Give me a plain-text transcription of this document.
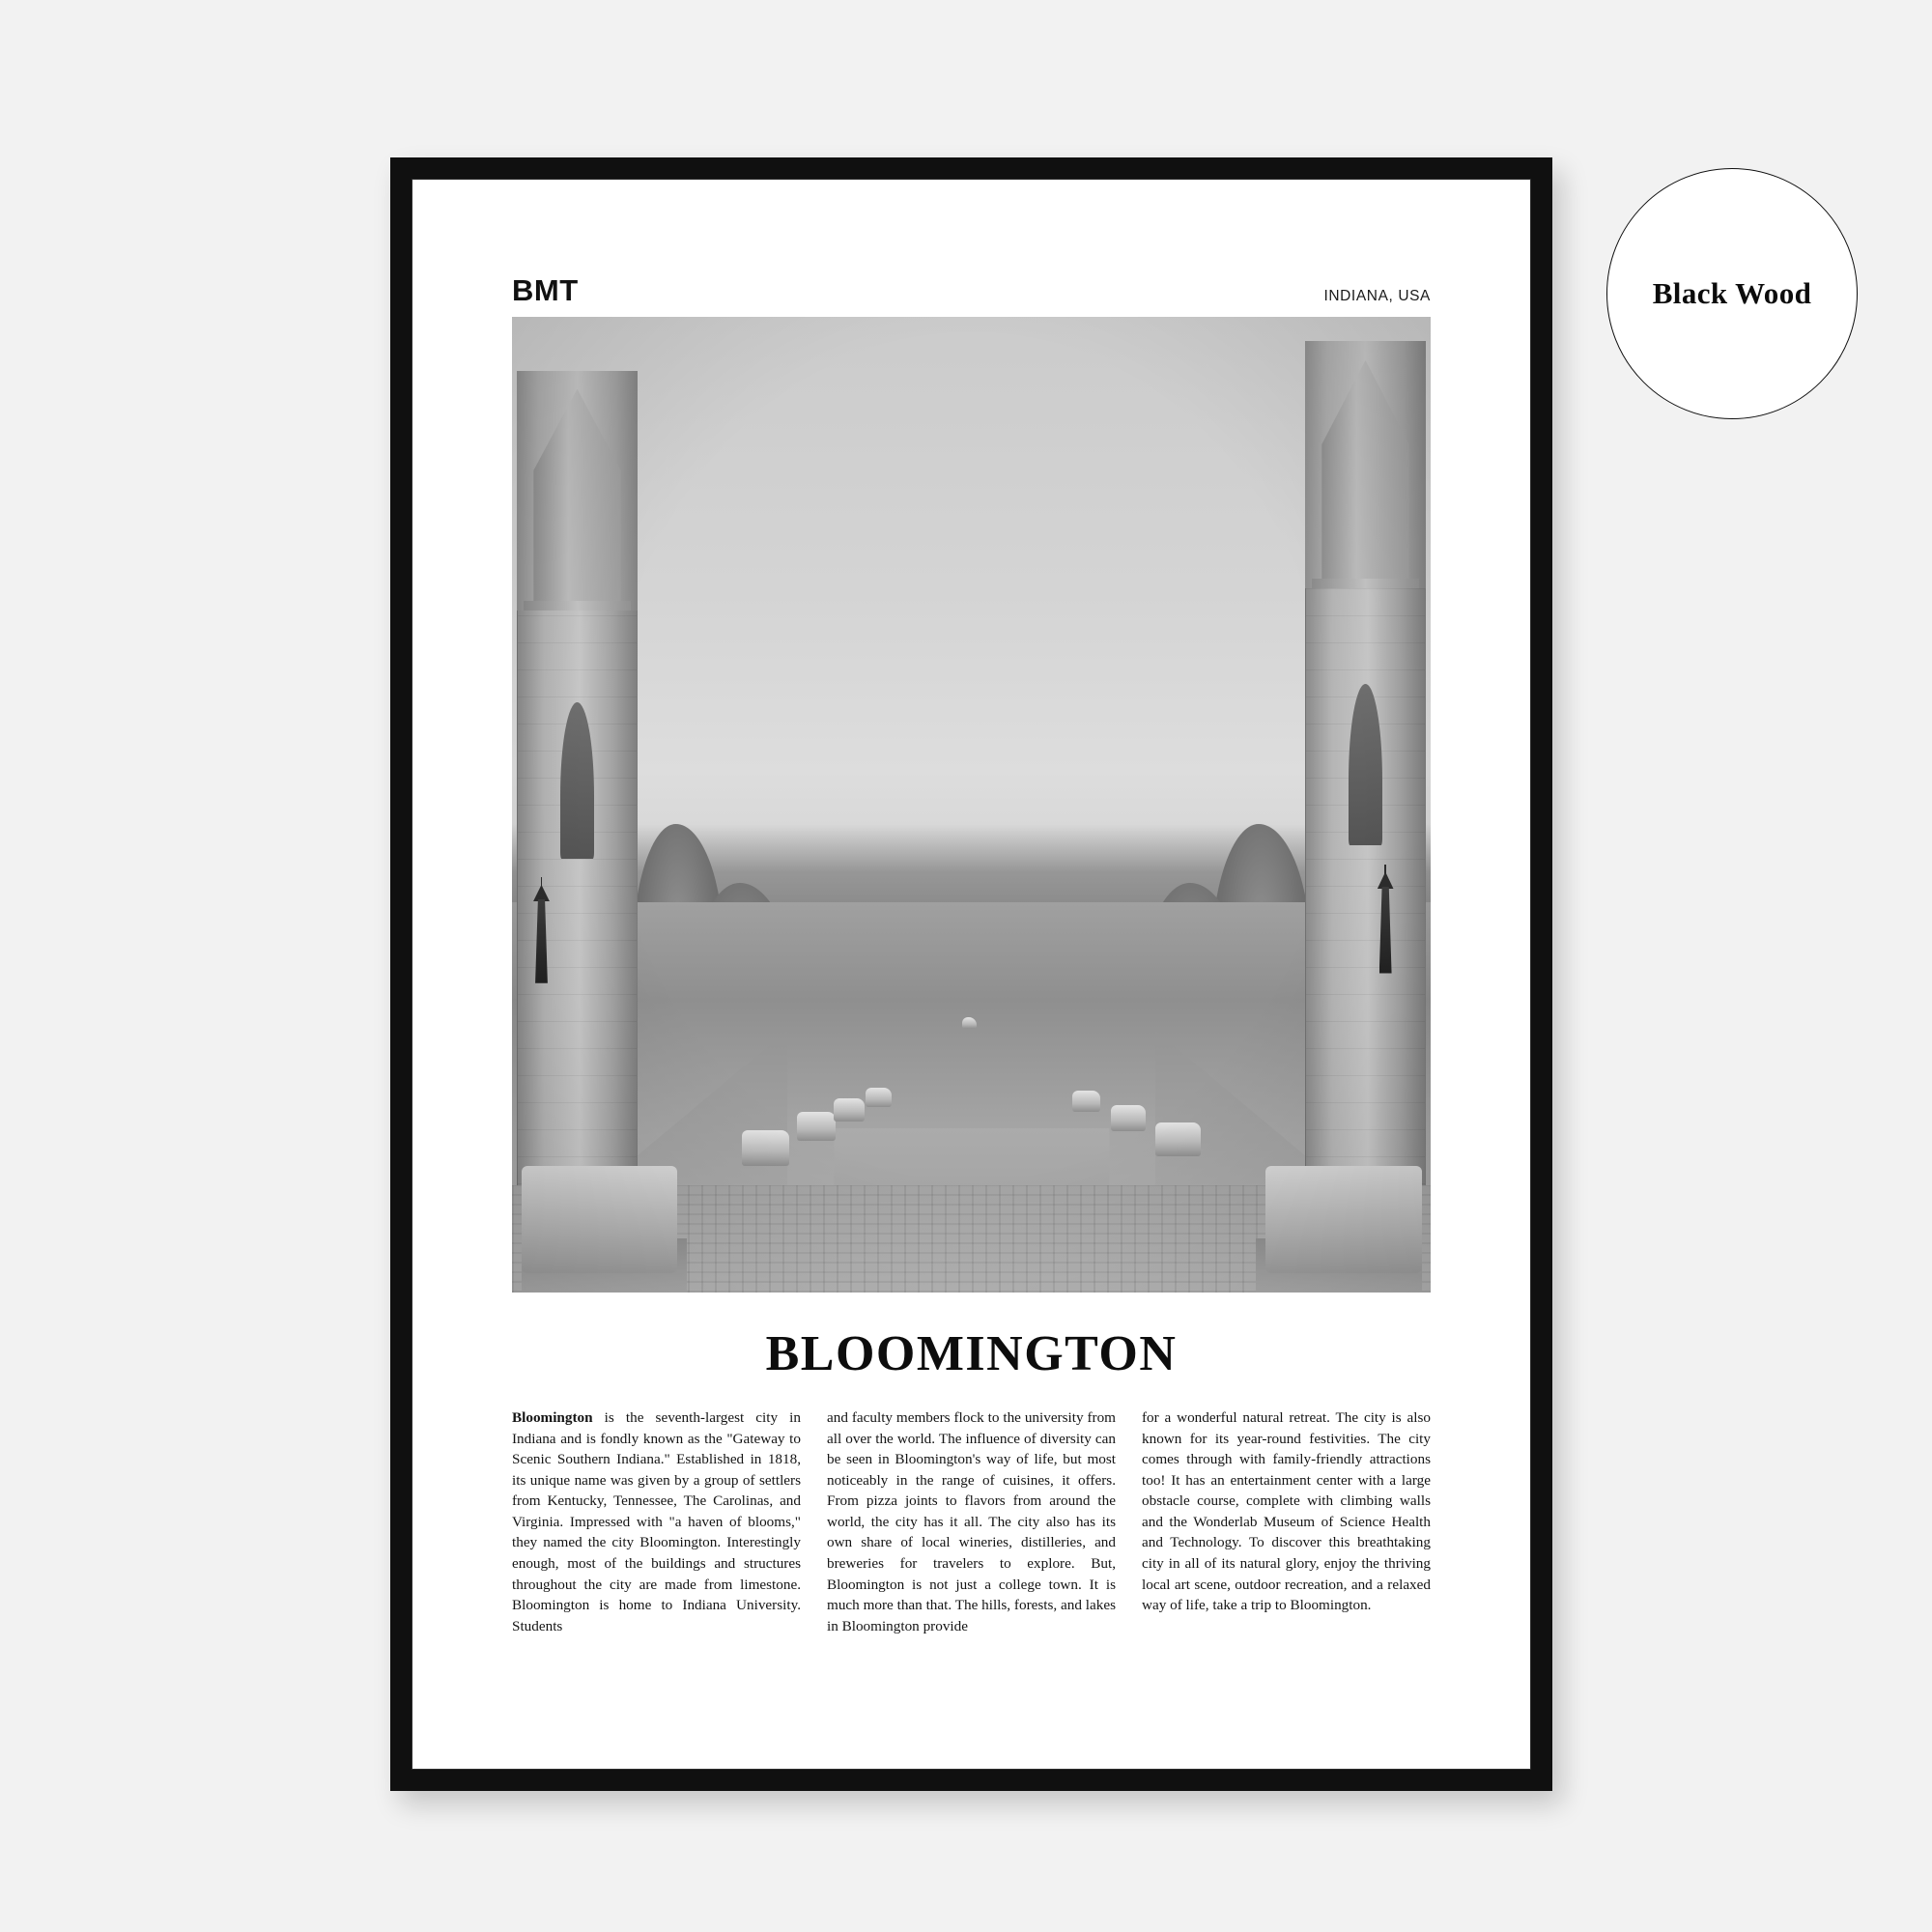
BMT	INDIANA, USA
BLOOMINGTON
Bloomington is the seventh-largest city in Indiana and is fondly known as the "Gateway to Scenic Southern Indiana." Established in 1818, its unique name was given by a group of settlers from Kentucky, Tennessee, The Carolinas, and Virginia. Impressed with "a haven of blooms," they named the city Bloomington. Interestingly enough, most of the buildings and structures throughout the city are made from limestone. Bloomington is home to Indiana University. Students
and faculty members flock to the university from all over the world. The influence of diversity can be seen in Bloomington's way of life, but most noticeably in the range of cuisines, it offers. From pizza joints to flavors from around the world, the city has it all. The city also has its own share of local wineries, distilleries, and breweries for travelers to explore. But, Bloomington is not just a college town. It is much more than that. The hills, forests, and lakes in Bloomington provide
for a wonderful natural retreat. The city is also known for its year-round festivities. The city comes through with family-friendly attractions too! It has an entertainment center with a large obstacle course, complete with climbing walls and the Wonderlab Museum of Science Health and Technology. To discover this breathtaking city in all of its natural glory, enjoy the thriving local art scene, outdoor recreation, and a relaxed way of life, take a trip to Bloomington.
Black Wood
